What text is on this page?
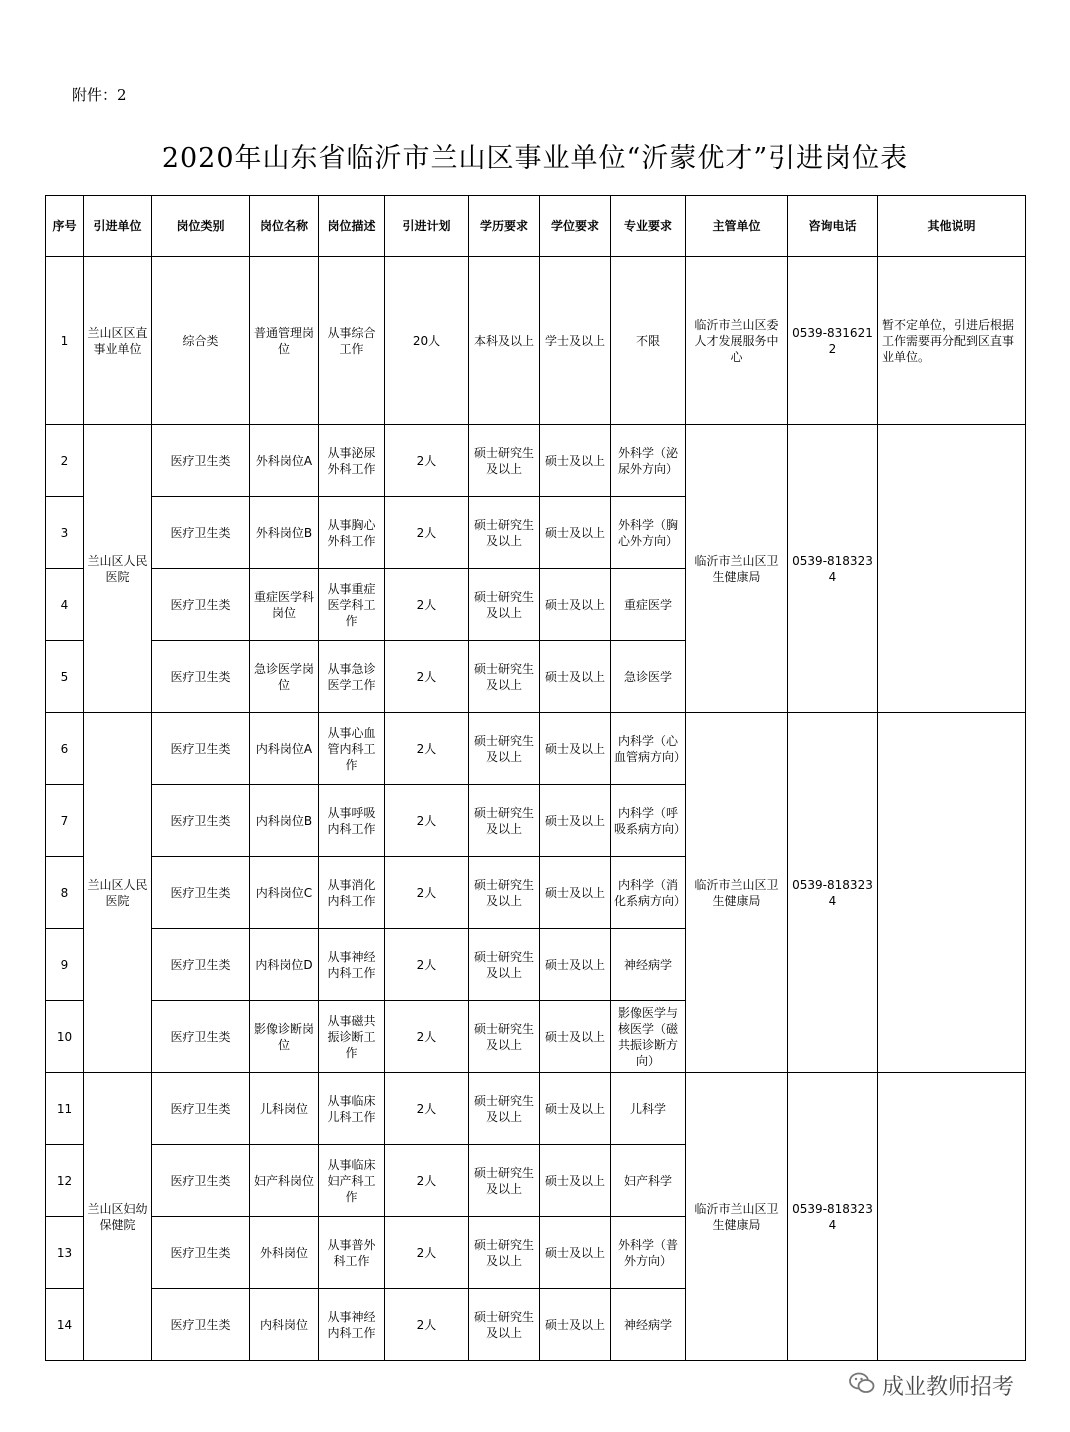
附件：2
2020年山东省临沂市兰山区事业单位“沂蒙优才”引进岗位表
序号	引进单位	岗位类别	岗位名称	岗位描述	引进计划	学历要求	学位要求	专业要求	主管单位	咨询电话	其他说明
1	兰山区区直事业单位	综合类	普通管理岗位	从事综合工作	20人	本科及以上	学士及以上	不限	临沂市兰山区委人才发展服务中心	0539-8316212	暂不定单位，引进后根据工作需要再分配到区直事业单位。
2	兰山区人民医院	医疗卫生类	外科岗位A	从事泌尿外科工作	2人	硕士研究生及以上	硕士及以上	外科学（泌尿外方向）	临沂市兰山区卫生健康局	0539-8183234	
3		医疗卫生类	外科岗位B	从事胸心外科工作	2人	硕士研究生及以上	硕士及以上	外科学（胸心外方向）			
4		医疗卫生类	重症医学科岗位	从事重症医学科工作	2人	硕士研究生及以上	硕士及以上	重症医学			
5		医疗卫生类	急诊医学岗位	从事急诊医学工作	2人	硕士研究生及以上	硕士及以上	急诊医学			
6	兰山区人民医院	医疗卫生类	内科岗位A	从事心血管内科工作	2人	硕士研究生及以上	硕士及以上	内科学（心血管病方向）	临沂市兰山区卫生健康局	0539-8183234	
7		医疗卫生类	内科岗位B	从事呼吸内科工作	2人	硕士研究生及以上	硕士及以上	内科学（呼吸系病方向）			
8		医疗卫生类	内科岗位C	从事消化内科工作	2人	硕士研究生及以上	硕士及以上	内科学（消化系病方向）			
9		医疗卫生类	内科岗位D	从事神经内科工作	2人	硕士研究生及以上	硕士及以上	神经病学			
10		医疗卫生类	影像诊断岗位	从事磁共振诊断工作	2人	硕士研究生及以上	硕士及以上	影像医学与核医学（磁共振诊断方向）			
11	兰山区妇幼保健院	医疗卫生类	儿科岗位	从事临床儿科工作	2人	硕士研究生及以上	硕士及以上	儿科学	临沂市兰山区卫生健康局	0539-8183234	
12		医疗卫生类	妇产科岗位	从事临床妇产科工作	2人	硕士研究生及以上	硕士及以上	妇产科学			
13		医疗卫生类	外科岗位	从事普外科工作	2人	硕士研究生及以上	硕士及以上	外科学（普外方向）			
14		医疗卫生类	内科岗位	从事神经内科工作	2人	硕士研究生及以上	硕士及以上	神经病学			
成业教师招考
